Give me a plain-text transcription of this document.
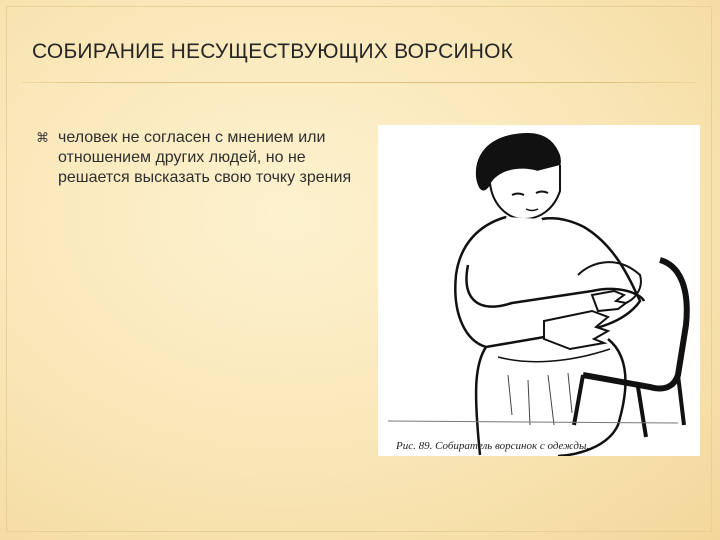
СОБИРАНИЕ НЕСУЩЕСТВУЮЩИХ ВОРСИНОК
⌘ человек не согласен с мнением или отношением других людей, но не решается высказать свою точку зрения
Рис. 89. Собиратель ворсинок с одежды.
